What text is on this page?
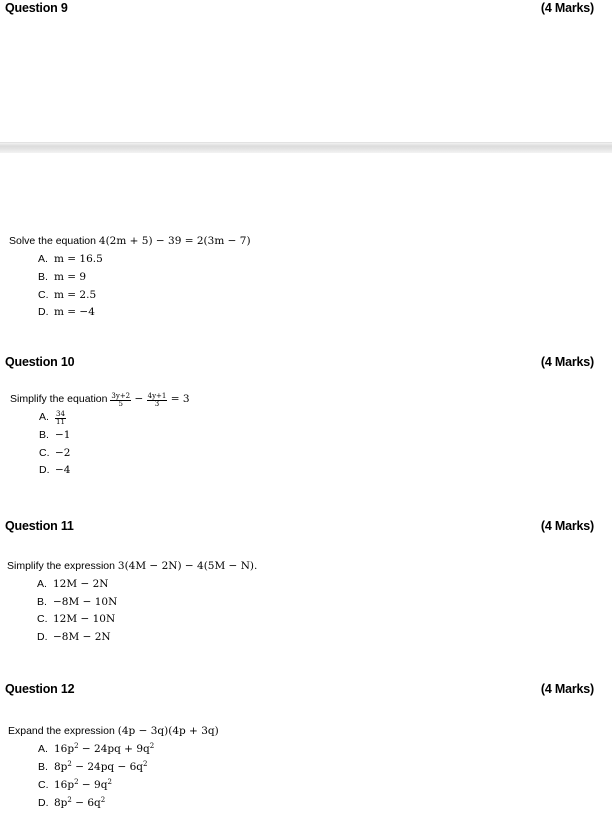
Question 9	(4 Marks)
Solve the equation 4(2m + 5) − 39 = 2(3m − 7)
A. m = 16.5
B. m = 9
C. m = 2.5
D. m = −4
Question 10	(4 Marks)
Simplify the equation $\frac{3y+2}{5} - \frac{4y+1}{3} = 3$
A. $\frac{34}{11}$
B. −1
C. −2
D. −4
Question 11	(4 Marks)
Simplify the expression 3(4M − 2N) − 4(5M − N).
A. 12M − 2N
B. −8M − 10N
C. 12M − 10N
D. −8M − 2N
Question 12	(4 Marks)
Expand the expression (4p − 3q)(4p + 3q)
A. $16p^2 - 24pq + 9q^2$
B. $8p^2 - 24pq - 6q^2$
C. $16p^2 - 9q^2$
D. $8p^2 - 6q^2$
